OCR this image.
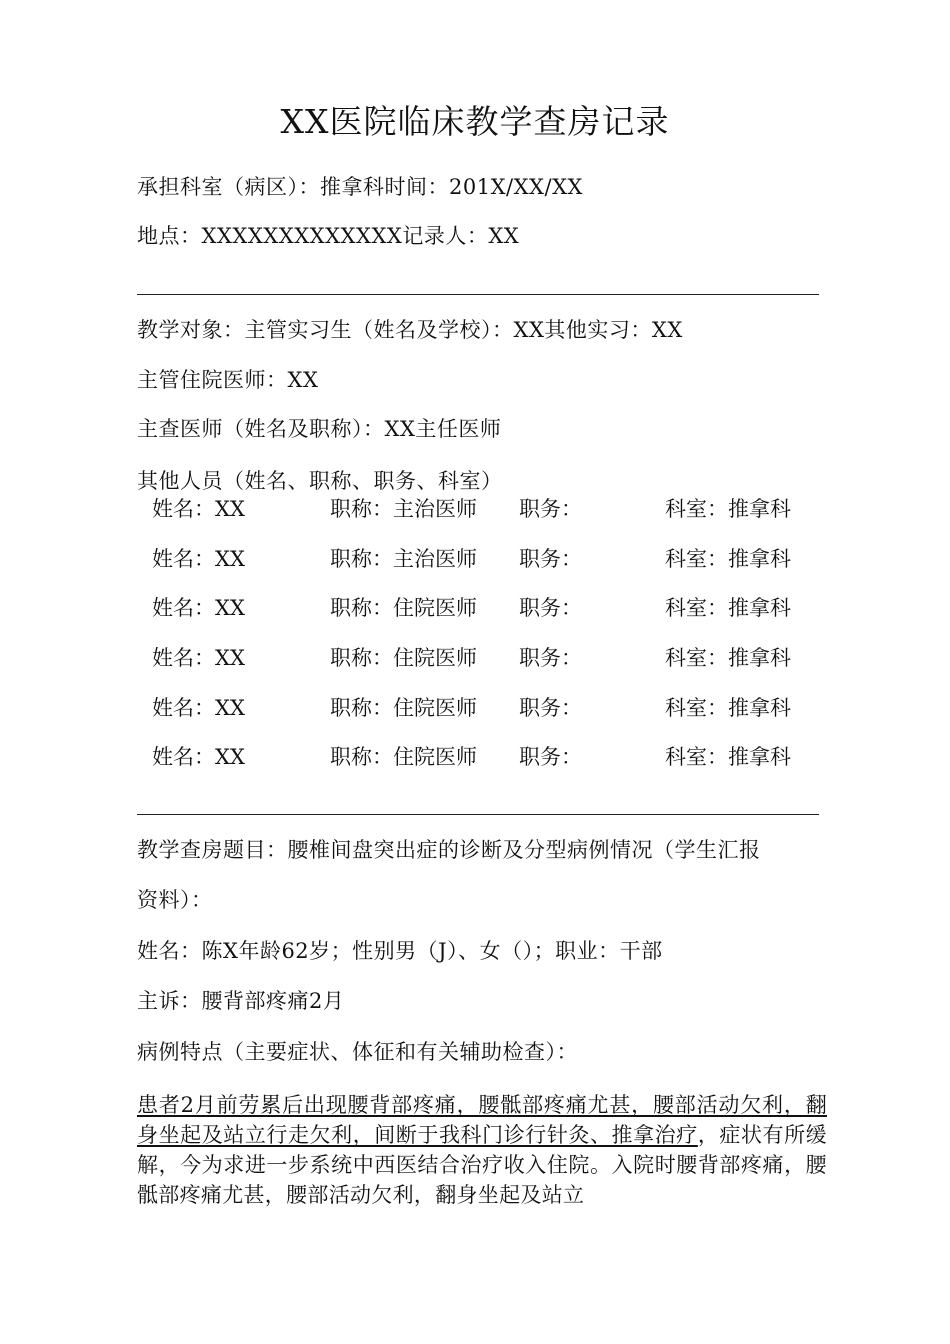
XX医院临床教学查房记录
承担科室（病区）：推拿科时间：201X/XX/XX
地点：XXXXXXXXXXXXX记录人：XX
教学对象：主管实习生（姓名及学校）：XX其他实习：XX
主管住院医师：XX
主查医师（姓名及职称）：XX主任医师
其他人员（姓名、职称、职务、科室）
姓名：XX	职称：主治医师 职务：	科室：推拿科
姓名：XX	职称：主治医师 职务：	科室：推拿科
姓名：XX	职称：住院医师 职务：	科室：推拿科
姓名：XX	职称：住院医师 职务：	科室：推拿科
姓名：XX	职称：住院医师 职务：	科室：推拿科
姓名：XX	职称：住院医师 职务：	科室：推拿科
教学查房题目：腰椎间盘突出症的诊断及分型病例情况（学生汇报
资料）：
姓名：陈X年龄62岁；性别男（J）、女（）；职业：干部
主诉：腰背部疼痛2月
病例特点（主要症状、体征和有关辅助检查）：
患者2月前劳累后出现腰背部疼痛，腰骶部疼痛尤甚，腰部活动欠利，翻身坐起及站立行走欠利，间断于我科门诊行针灸、推拿治疗，症状有所缓解，今为求进一步系统中西医结合治疗收入住院。入院时腰背部疼痛，腰骶部疼痛尤甚，腰部活动欠利，翻身坐起及站立
